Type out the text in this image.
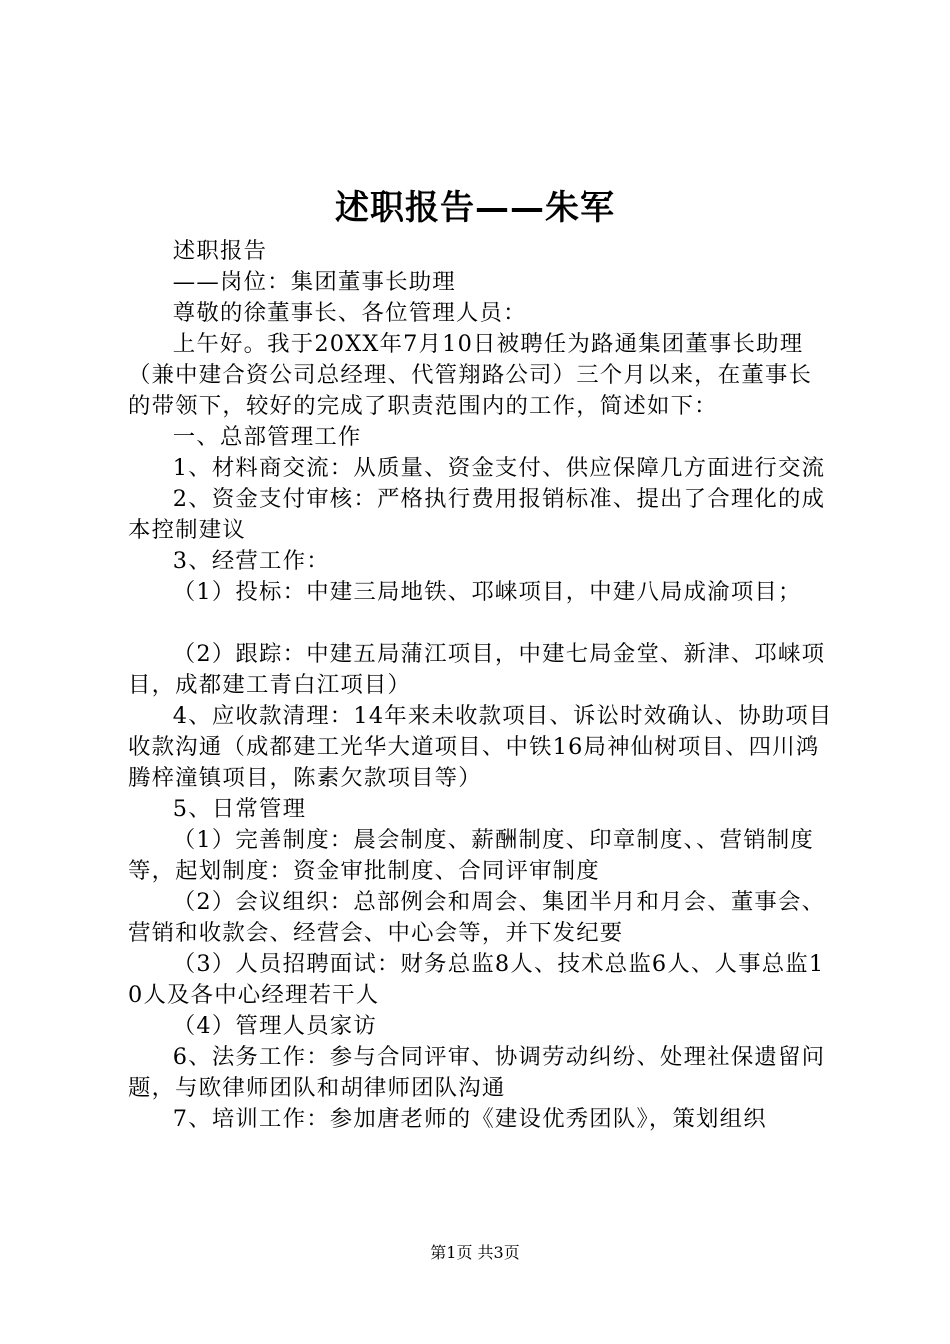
述职报告——朱军

述职报告

——岗位：集团董事长助理

尊敬的徐董事长、各位管理人员：

上午好。我于20XX年7月10日被聘任为路通集团董事长助理（兼中建合资公司总经理、代管翔路公司）三个月以来，在董事长的带领下，较好的完成了职责范围内的工作，简述如下：

一、总部管理工作

1、材料商交流：从质量、资金支付、供应保障几方面进行交流

2、资金支付审核：严格执行费用报销标准、提出了合理化的成本控制建议

3、经营工作：

（1）投标：中建三局地铁、邛崃项目，中建八局成渝项目；

（2）跟踪：中建五局蒲江项目，中建七局金堂、新津、邛崃项目，成都建工青白江项目）

4、应收款清理：14年来未收款项目、诉讼时效确认、协助项目收款沟通（成都建工光华大道项目、中铁16局神仙树项目、四川鸿腾梓潼镇项目，陈素欠款项目等）

5、日常管理

（1）完善制度：晨会制度、薪酬制度、印章制度、、营销制度等，起划制度：资金审批制度、合同评审制度

（2）会议组织：总部例会和周会、集团半月和月会、董事会、营销和收款会、经营会、中心会等，并下发纪要

（3）人员招聘面试：财务总监8人、技术总监6人、人事总监10人及各中心经理若干人

（4）管理人员家访

6、法务工作：参与合同评审、协调劳动纠纷、处理社保遗留问题，与欧律师团队和胡律师团队沟通

7、培训工作：参加唐老师的《建设优秀团队》，策划组织

第1页 共3页
